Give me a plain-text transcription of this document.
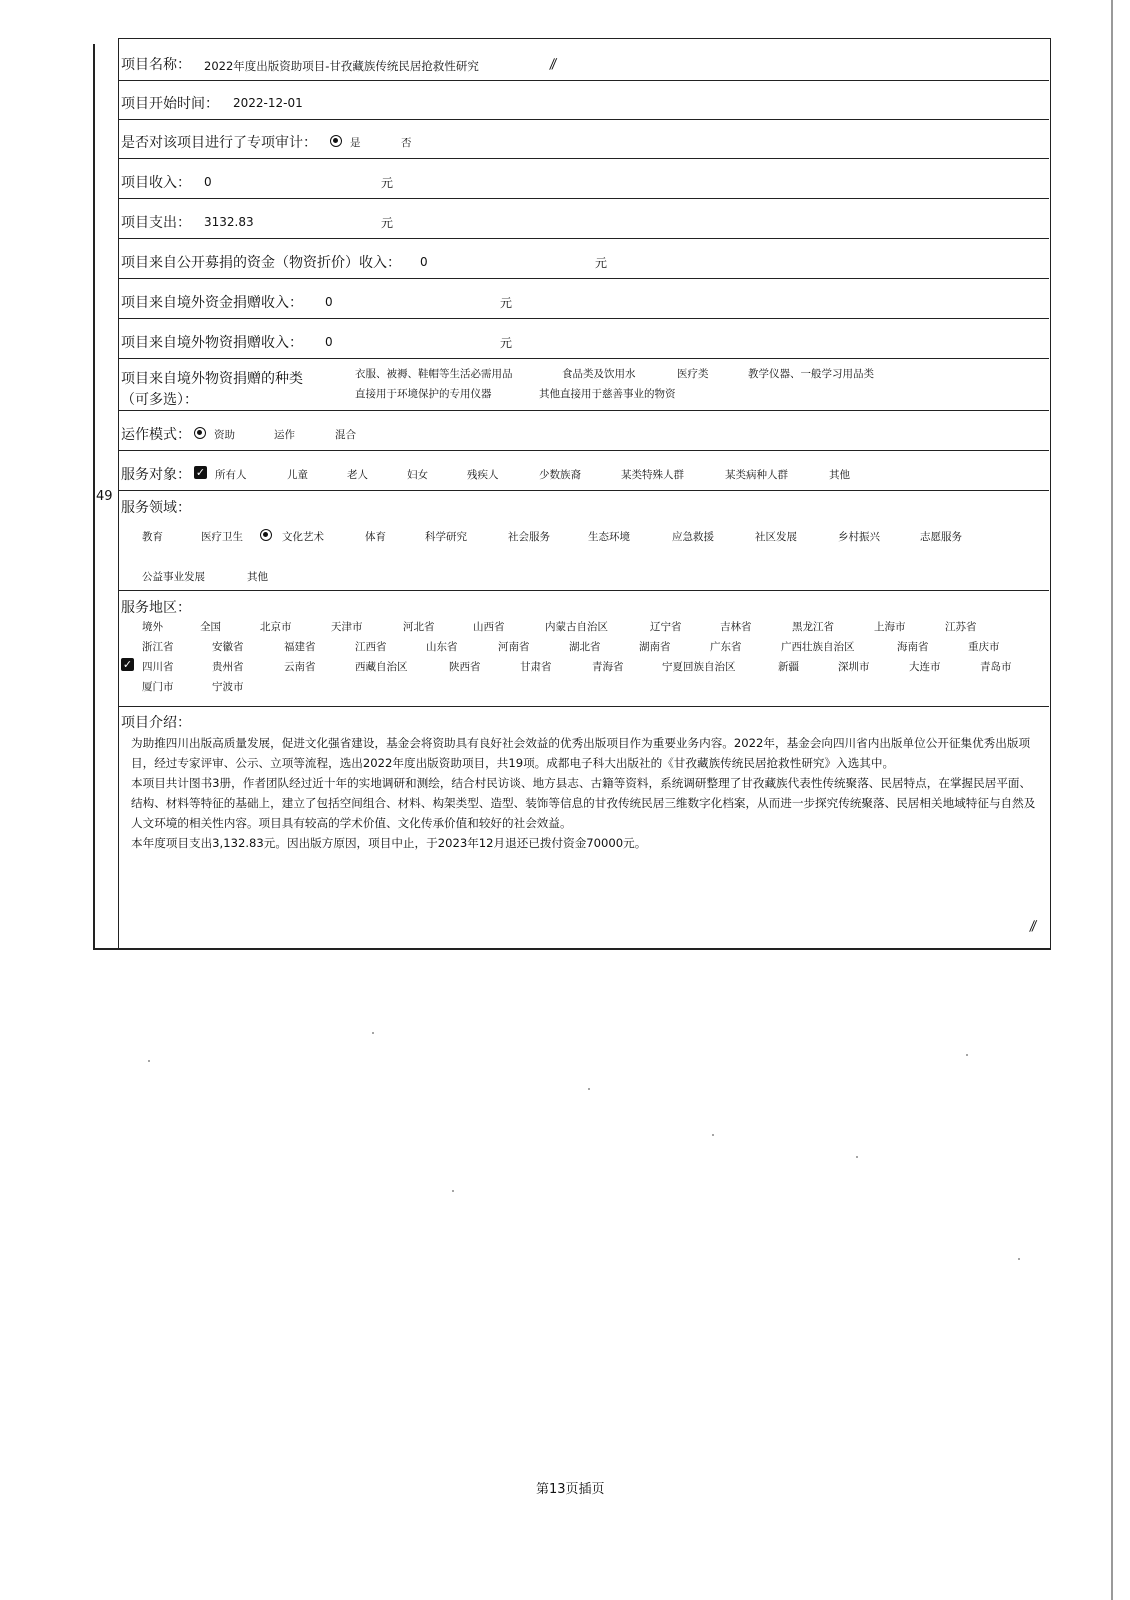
49
项目名称： 2022年度出版资助项目-甘孜藏族传统民居抢救性研究	⁄⁄
项目开始时间： 2022-12-01
是否对该项目进行了专项审计：	是	否
项目收入： 0	元
项目支出： 3132.83	元
项目来自公开募捐的资金（物资折价）收入： 0	元
项目来自境外资金捐赠收入： 0	元
项目来自境外物资捐赠收入： 0	元
项目来自境外物资捐赠的种类
（可多选）：
衣服、被褥、鞋帽等生活必需用品	食品类及饮用水	医疗类	教学仪器、一般学习用品类
直接用于环境保护的专用仪器	其他直接用于慈善事业的物资
运作模式： 资助	运作	混合
服务对象： ✓ 所有人	儿童	老人	妇女	残疾人	少数族裔	某类特殊人群	某类病种人群	其他
服务领域：
教育	医疗卫生	文化艺术	体育	科学研究	社会服务	生态环境	应急救援	社区发展	乡村振兴	志愿服务
公益事业发展	其他
服务地区：
境外	全国	北京市	天津市	河北省	山西省	内蒙古自治区	辽宁省	吉林省	黑龙江省	上海市	江苏省
浙江省	安徽省	福建省	江西省	山东省	河南省	湖北省	湖南省	广东省	广西壮族自治区	海南省	重庆市
✓ 四川省	贵州省	云南省	西藏自治区	陕西省	甘肃省	青海省	宁夏回族自治区	新疆	深圳市	大连市	青岛市
厦门市	宁波市
项目介绍：

为助推四川出版高质量发展，促进文化强省建设，基金会将资助具有良好社会效益的优秀出版项目作为重要业务内容。2022年，基金会向四川省内出版单位公开征集优秀出版项目，经过专家评审、公示、立项等流程，选出2022年度出版资助项目，共19项。成都电子科大出版社的《甘孜藏族传统民居抢救性研究》入选其中。

本项目共计图书3册，作者团队经过近十年的实地调研和测绘，结合村民访谈、地方县志、古籍等资料，系统调研整理了甘孜藏族代表性传统聚落、民居特点，在掌握民居平面、结构、材料等特征的基础上，建立了包括空间组合、材料、构架类型、造型、装饰等信息的甘孜传统民居三维数字化档案，从而进一步探究传统聚落、民居相关地域特征与自然及人文环境的相关性内容。项目具有较高的学术价值、文化传承价值和较好的社会效益。

本年度项目支出3,132.83元。因出版方原因，项目中止，于2023年12月退还已拨付资金70000元。

⁄⁄
第13页插页
